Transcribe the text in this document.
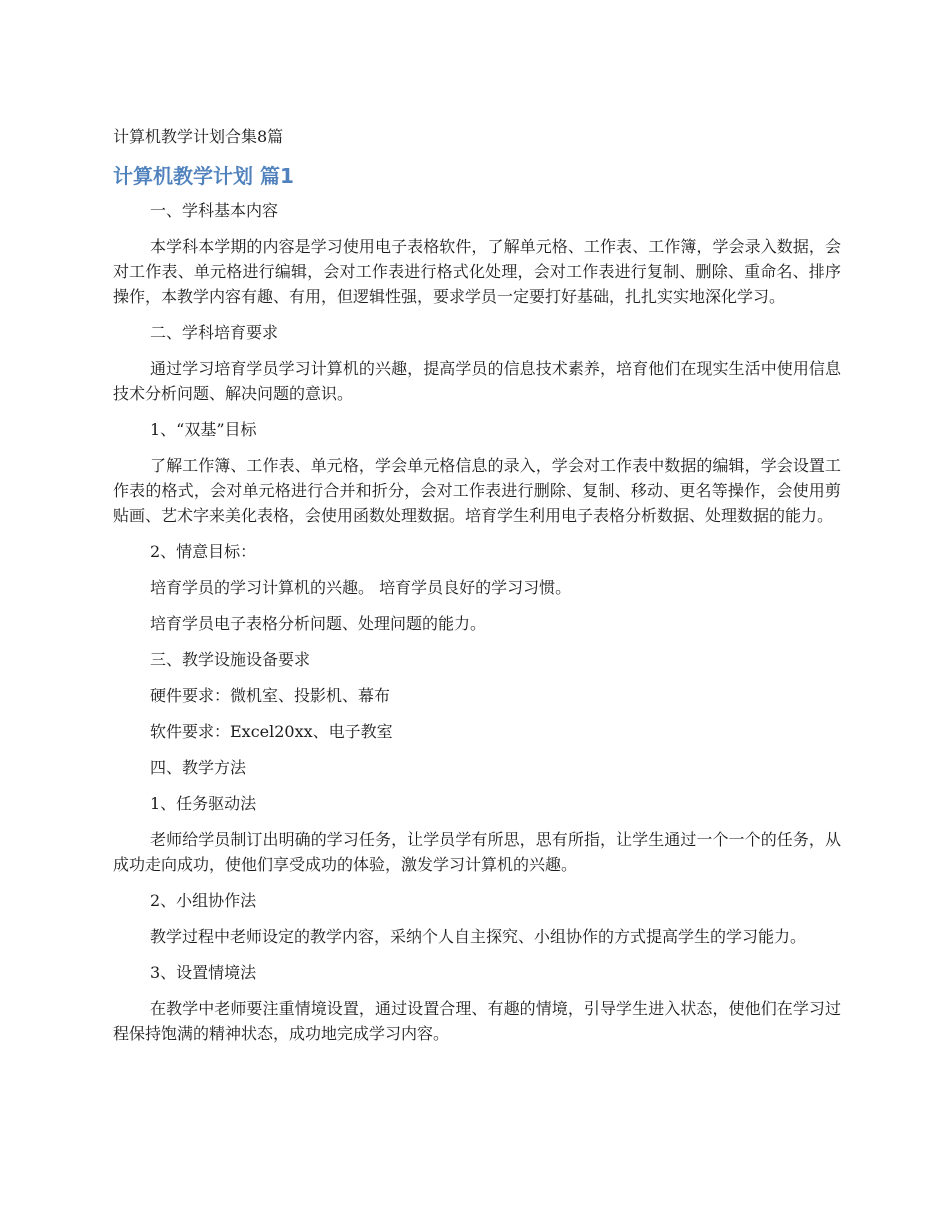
计算机教学计划合集8篇
计算机教学计划 篇1
一、学科基本内容
本学科本学期的内容是学习使用电子表格软件，了解单元格、工作表、工作簿，学会录入数据，会对工作表、单元格进行编辑，会对工作表进行格式化处理，会对工作表进行复制、删除、重命名、排序操作，本教学内容有趣、有用，但逻辑性强，要求学员一定要打好基础，扎扎实实地深化学习。
二、学科培育要求
通过学习培育学员学习计算机的兴趣，提高学员的信息技术素养，培育他们在现实生活中使用信息技术分析问题、解决问题的意识。
1、“双基”目标
了解工作簿、工作表、单元格，学会单元格信息的录入，学会对工作表中数据的编辑，学会设置工作表的格式，会对单元格进行合并和折分，会对工作表进行删除、复制、移动、更名等操作，会使用剪贴画、艺术字来美化表格，会使用函数处理数据。培育学生利用电子表格分析数据、处理数据的能力。
2、情意目标：
培育学员的学习计算机的兴趣。 培育学员良好的学习习惯。
培育学员电子表格分析问题、处理问题的能力。
三、教学设施设备要求
硬件要求：微机室、投影机、幕布
软件要求：Excel20xx、电子教室
四、教学方法
1、任务驱动法
老师给学员制订出明确的学习任务，让学员学有所思，思有所指，让学生通过一个一个的任务，从成功走向成功，使他们享受成功的体验，激发学习计算机的兴趣。
2、小组协作法
教学过程中老师设定的教学内容，采纳个人自主探究、小组协作的方式提高学生的学习能力。
3、设置情境法
在教学中老师要注重情境设置，通过设置合理、有趣的情境，引导学生进入状态，使他们在学习过程保持饱满的精神状态，成功地完成学习内容。
